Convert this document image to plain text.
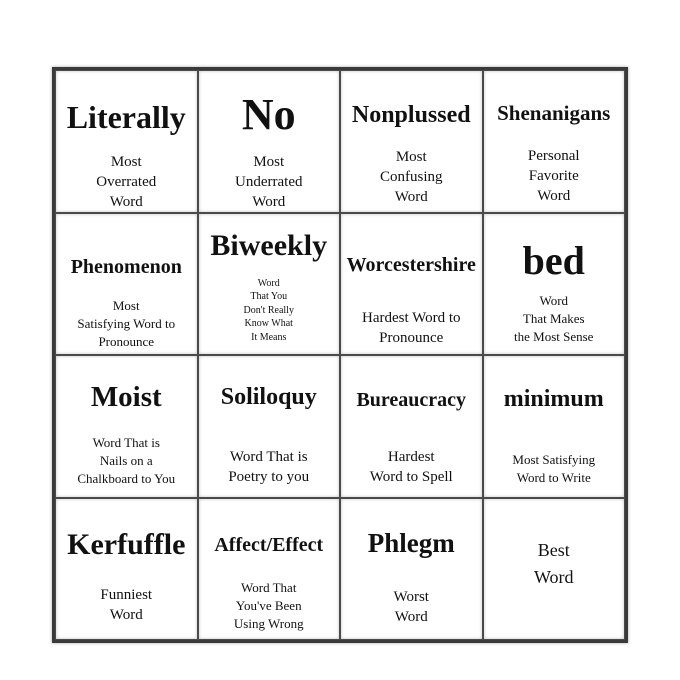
Literally
Most
Overrated
Word
No
Most
Underrated
Word
Nonplussed
Most
Confusing
Word
Shenanigans
Personal
Favorite
Word
Phenomenon
Most
Satisfying Word to
Pronounce
Biweekly
Word
That You
Don't Really
Know What
It Means
Worcestershire
Hardest Word to
Pronounce
bed
Word
That Makes
the Most Sense
Moist
Word That is
Nails on a
Chalkboard to You
Soliloquy
Word That is
Poetry to you
Bureaucracy
Hardest
Word to Spell
minimum
Most Satisfying
Word to Write
Kerfuffle
Funniest
Word
Affect/Effect
Word That
You've Been
Using Wrong
Phlegm
Worst
Word
Best
Word
